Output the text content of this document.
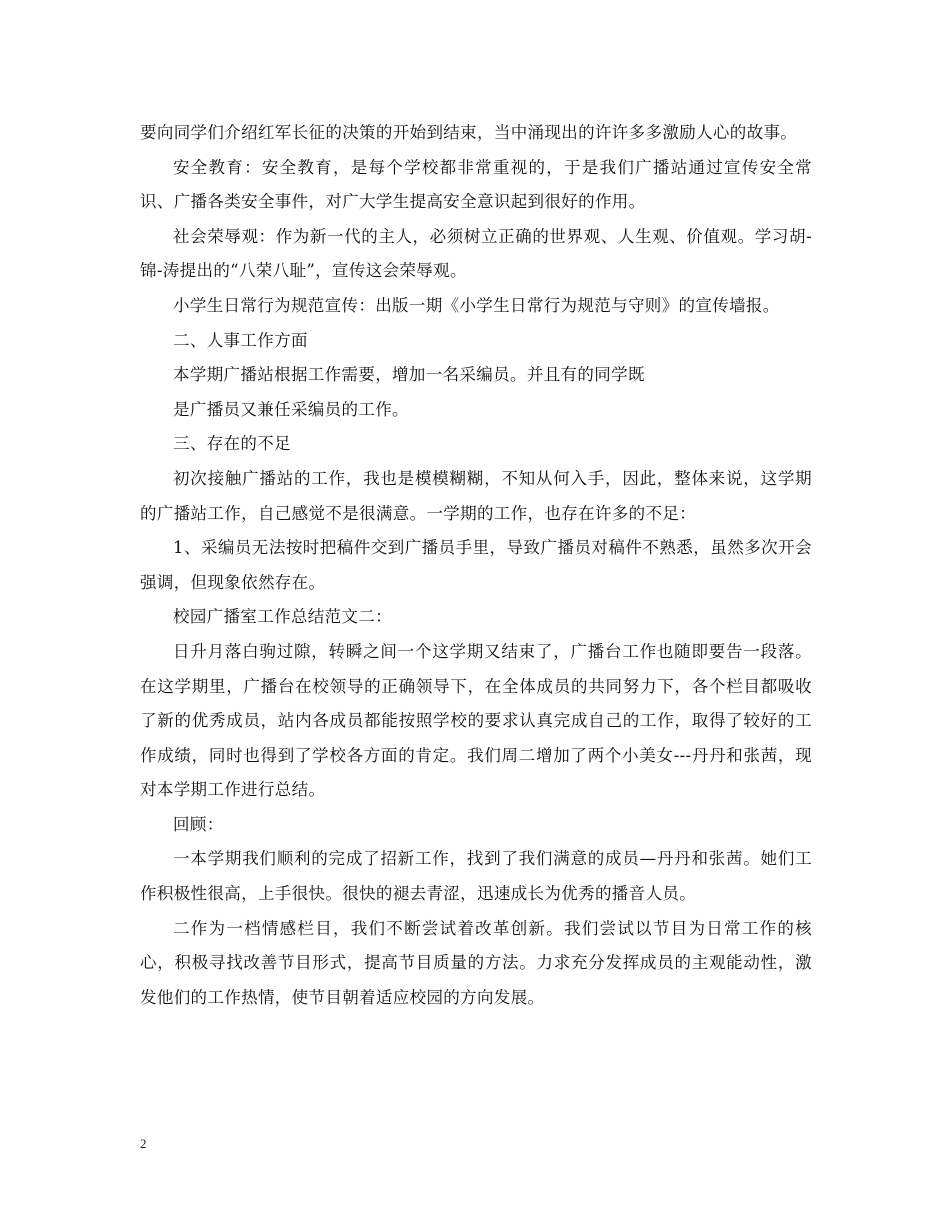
要向同学们介绍红军长征的决策的开始到结束，当中涌现出的许许多多激励人心的故事。

安全教育：安全教育，是每个学校都非常重视的，于是我们广播站通过宣传安全常识、广播各类安全事件，对广大学生提高安全意识起到很好的作用。

社会荣辱观：作为新一代的主人，必须树立正确的世界观、人生观、价值观。学习胡-锦-涛提出的“八荣八耻”，宣传这会荣辱观。

小学生日常行为规范宣传：出版一期《小学生日常行为规范与守则》的宣传墙报。

二、人事工作方面

本学期广播站根据工作需要，增加一名采编员。并且有的同学既

是广播员又兼任采编员的工作。

三、存在的不足

初次接触广播站的工作，我也是模模糊糊，不知从何入手，因此，整体来说，这学期的广播站工作，自己感觉不是很满意。一学期的工作，也存在许多的不足：

1、采编员无法按时把稿件交到广播员手里，导致广播员对稿件不熟悉，虽然多次开会强调，但现象依然存在。

校园广播室工作总结范文二：

日升月落白驹过隙，转瞬之间一个这学期又结束了，广播台工作也随即要告一段落。在这学期里，广播台在校领导的正确领导下，在全体成员的共同努力下，各个栏目都吸收了新的优秀成员，站内各成员都能按照学校的要求认真完成自己的工作，取得了较好的工作成绩，同时也得到了学校各方面的肯定。我们周二增加了两个小美女---丹丹和张茜，现对本学期工作进行总结。

回顾：

一本学期我们顺利的完成了招新工作，找到了我们满意的成员—丹丹和张茜。她们工作积极性很高，上手很快。很快的褪去青涩，迅速成长为优秀的播音人员。

二作为一档情感栏目，我们不断尝试着改革创新。我们尝试以节目为日常工作的核心，积极寻找改善节目形式，提高节目质量的方法。力求充分发挥成员的主观能动性，激发他们的工作热情，使节目朝着适应校园的方向发展。

2
